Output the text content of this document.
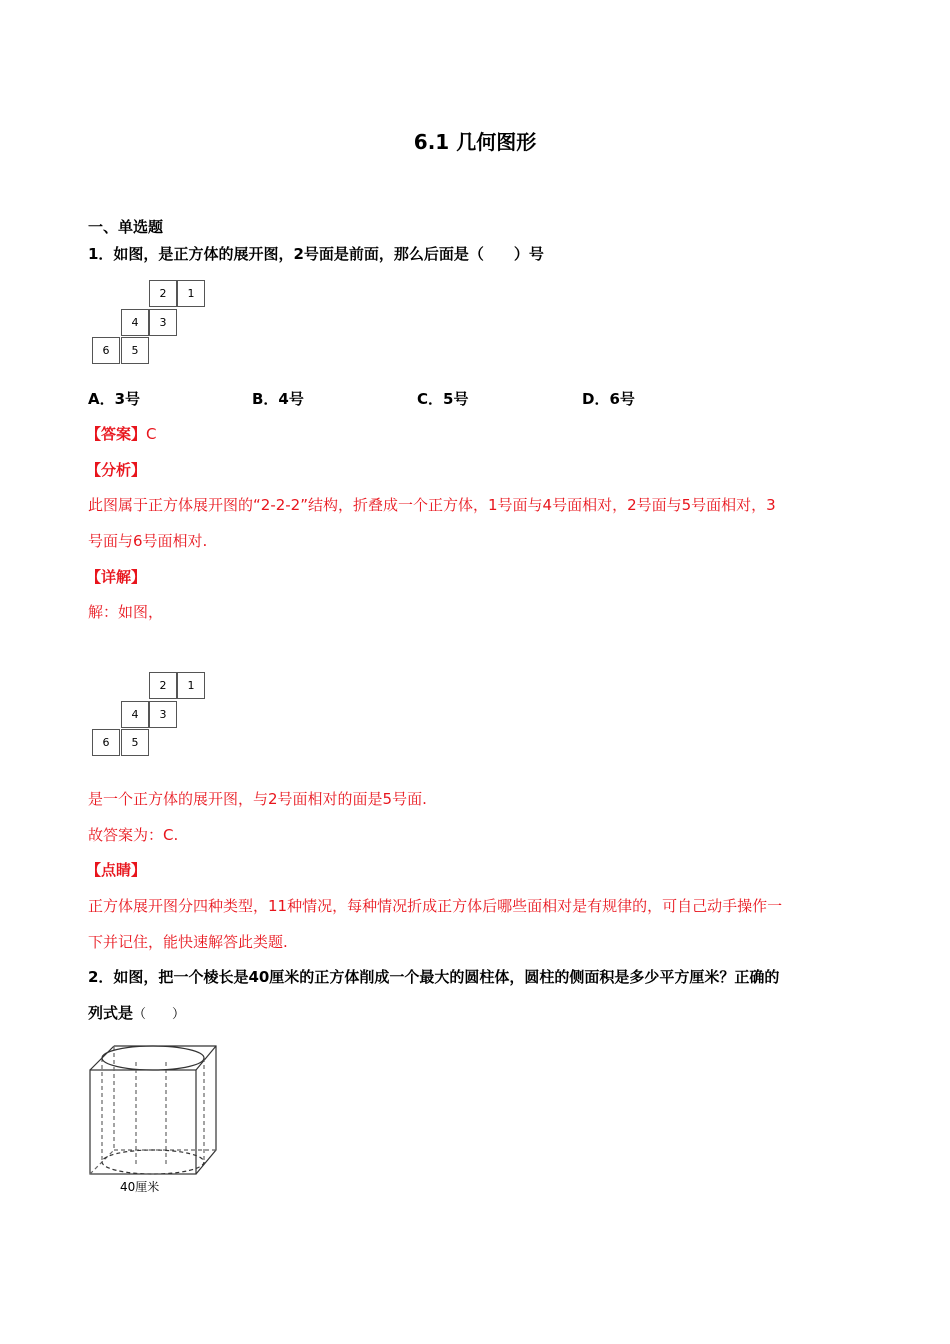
6.1 几何图形
一、单选题
1．如图，是正方体的展开图，2号面是前面，那么后面是（　　）号
2	1
4	3
6	5
A．3号	B．4号	C．5号	D．6号
【答案】C
【分析】
此图属于正方体展开图的“2-2-2”结构，折叠成一个正方体，1号面与4号面相对，2号面与5号面相对，3
号面与6号面相对.
【详解】
解：如图，
2	1
4	3
6	5
是一个正方体的展开图，与2号面相对的面是5号面.
故答案为：C.
【点睛】
正方体展开图分四种类型，11种情况，每种情况折成正方体后哪些面相对是有规律的，可自己动手操作一
下并记住，能快速解答此类题.
2．如图，把一个棱长是40厘米的正方体削成一个最大的圆柱体，圆柱的侧面积是多少平方厘米？正确的
列式是（　　）
40厘米
